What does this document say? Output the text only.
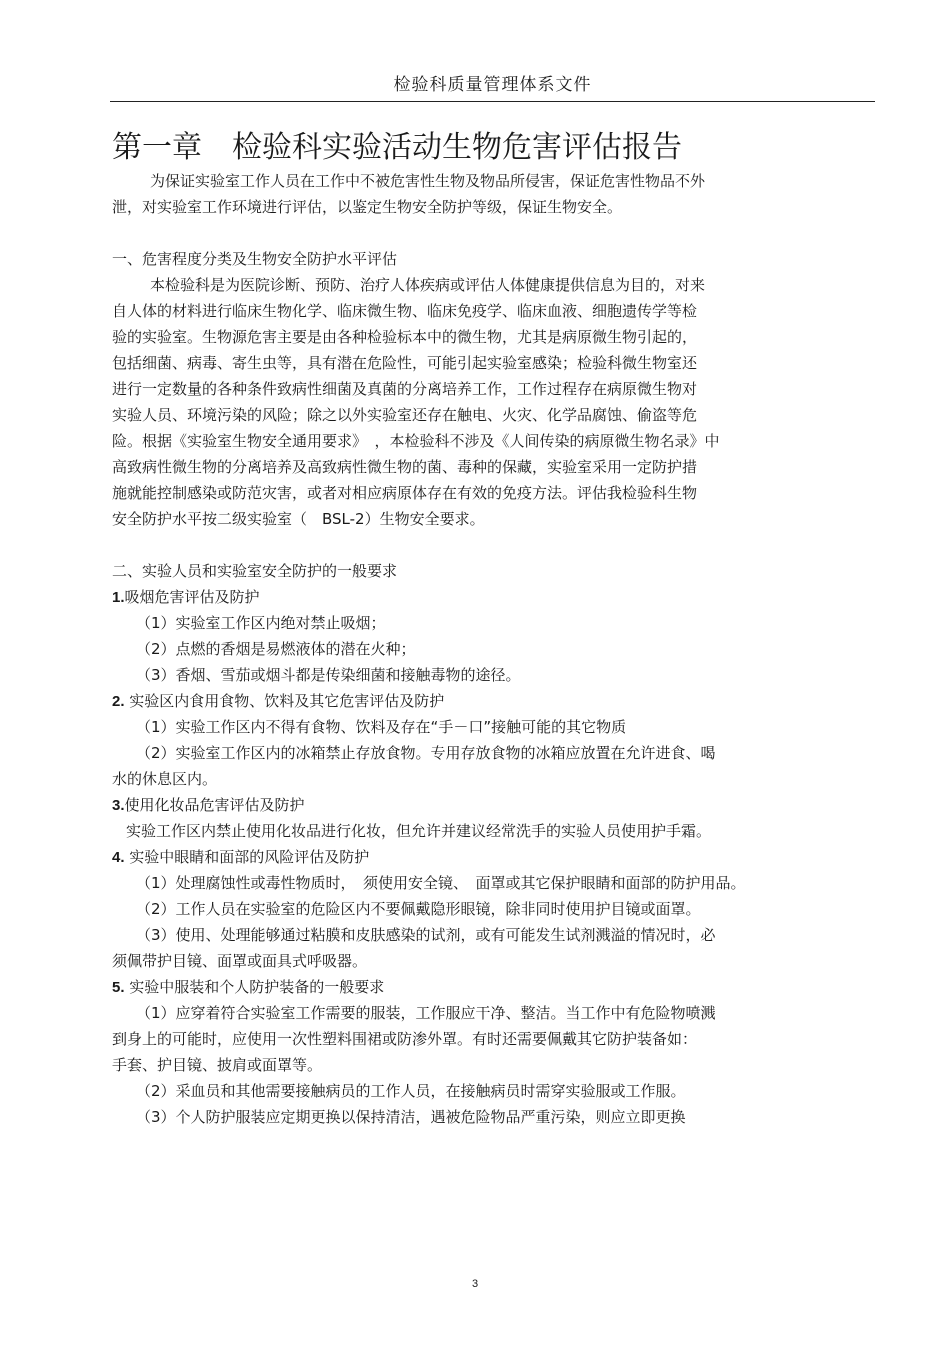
检验科质量管理体系文件
第一章　检验科实验活动生物危害评估报告
为保证实验室工作人员在工作中不被危害性生物及物品所侵害，保证危害性物品不外
泄，对实验室工作环境进行评估，以鉴定生物安全防护等级，保证生物安全。
一、危害程度分类及生物安全防护水平评估
本检验科是为医院诊断、预防、治疗人体疾病或评估人体健康提供信息为目的，对来
自人体的材料进行临床生物化学、临床微生物、临床免疫学、临床血液、细胞遗传学等检
验的实验室。生物源危害主要是由各种检验标本中的微生物，尤其是病原微生物引起的，
包括细菌、病毒、寄生虫等，具有潜在危险性，可能引起实验室感染；检验科微生物室还
进行一定数量的各种条件致病性细菌及真菌的分离培养工作，工作过程存在病原微生物对
实验人员、环境污染的风险；除之以外实验室还存在触电、火灾、化学品腐蚀、偷盗等危
险。根据《实验室生物安全通用要求》　，本检验科不涉及《人间传染的病原微生物名录》中
高致病性微生物的分离培养及高致病性微生物的菌、毒种的保藏，实验室采用一定防护措
施就能控制感染或防范灾害，或者对相应病原体存在有效的免疫方法。评估我检验科生物
安全防护水平按二级实验室（　BSL-2）生物安全要求。
二、实验人员和实验室安全防护的一般要求
1.吸烟危害评估及防护
（1）实验室工作区内绝对禁止吸烟；
（2）点燃的香烟是易燃液体的潜在火种；
（3）香烟、雪茄或烟斗都是传染细菌和接触毒物的途径。
2. 实验区内食用食物、饮料及其它危害评估及防护
（1）实验工作区内不得有食物、饮料及存在“手－口”接触可能的其它物质
（2）实验室工作区内的冰箱禁止存放食物。专用存放食物的冰箱应放置在允许进食、喝
水的休息区内。
3.使用化妆品危害评估及防护
实验工作区内禁止使用化妆品进行化妆，但允许并建议经常洗手的实验人员使用护手霜。
4. 实验中眼睛和面部的风险评估及防护
（1）处理腐蚀性或毒性物质时，　须使用安全镜、　面罩或其它保护眼睛和面部的防护用品。
（2）工作人员在实验室的危险区内不要佩戴隐形眼镜，除非同时使用护目镜或面罩。
（3）使用、处理能够通过粘膜和皮肤感染的试剂，或有可能发生试剂溅溢的情况时，必
须佩带护目镜、面罩或面具式呼吸器。
5. 实验中服装和个人防护装备的一般要求
（1）应穿着符合实验室工作需要的服装，工作服应干净、整洁。当工作中有危险物喷溅
到身上的可能时，应使用一次性塑料围裙或防渗外罩。有时还需要佩戴其它防护装备如：
手套、护目镜、披肩或面罩等。
（2）采血员和其他需要接触病员的工作人员，在接触病员时需穿实验服或工作服。
（3）个人防护服装应定期更换以保持清洁，遇被危险物品严重污染，则应立即更换
3
